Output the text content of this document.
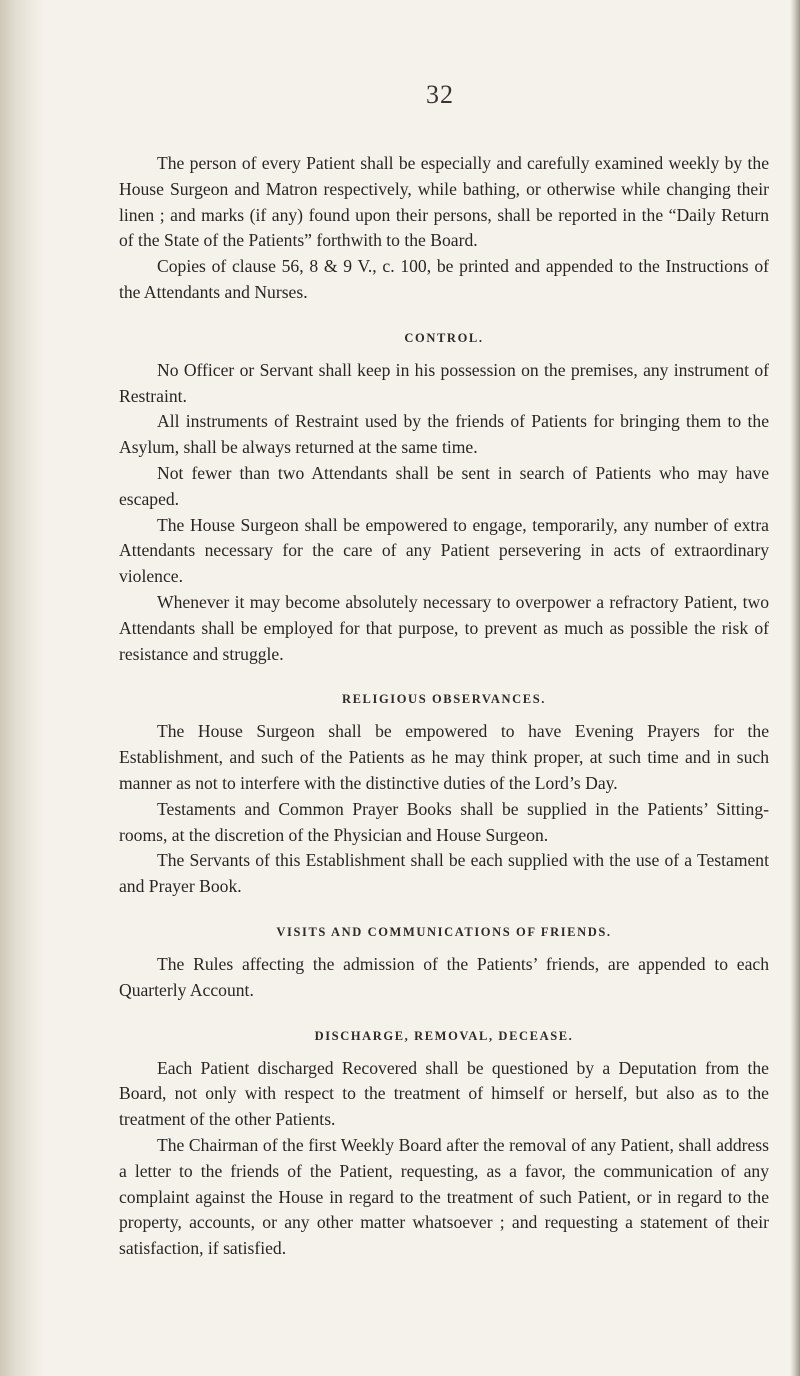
32

The person of every Patient shall be especially and carefully examined weekly by the House Surgeon and Matron respectively, while bathing, or otherwise while changing their linen ; and marks (if any) found upon their persons, shall be reported in the “Daily Return of the State of the Patients” forthwith to the Board.

Copies of clause 56, 8 & 9 V., c. 100, be printed and appended to the Instructions of the Attendants and Nurses.

CONTROL.

No Officer or Servant shall keep in his possession on the premises, any instrument of Restraint.

All instruments of Restraint used by the friends of Patients for bringing them to the Asylum, shall be always returned at the same time.

Not fewer than two Attendants shall be sent in search of Patients who may have escaped.

The House Surgeon shall be empowered to engage, temporarily, any number of extra Attendants necessary for the care of any Patient persevering in acts of extraordinary violence.

Whenever it may become absolutely necessary to overpower a refractory Patient, two Attendants shall be employed for that purpose, to prevent as much as possible the risk of resistance and struggle.

RELIGIOUS OBSERVANCES.

The House Surgeon shall be empowered to have Evening Prayers for the Establishment, and such of the Patients as he may think proper, at such time and in such manner as not to interfere with the distinctive duties of the Lord’s Day.

Testaments and Common Prayer Books shall be supplied in the Patients’ Sitting-rooms, at the discretion of the Physician and House Surgeon.

The Servants of this Establishment shall be each supplied with the use of a Testament and Prayer Book.

VISITS AND COMMUNICATIONS OF FRIENDS.

The Rules affecting the admission of the Patients’ friends, are appended to each Quarterly Account.

DISCHARGE, REMOVAL, DECEASE.

Each Patient discharged Recovered shall be questioned by a Deputation from the Board, not only with respect to the treatment of himself or herself, but also as to the treatment of the other Patients.

The Chairman of the first Weekly Board after the removal of any Patient, shall address a letter to the friends of the Patient, requesting, as a favor, the communication of any complaint against the House in regard to the treatment of such Patient, or in regard to the property, accounts, or any other matter whatsoever ; and requesting a statement of their satisfaction, if satisfied.
